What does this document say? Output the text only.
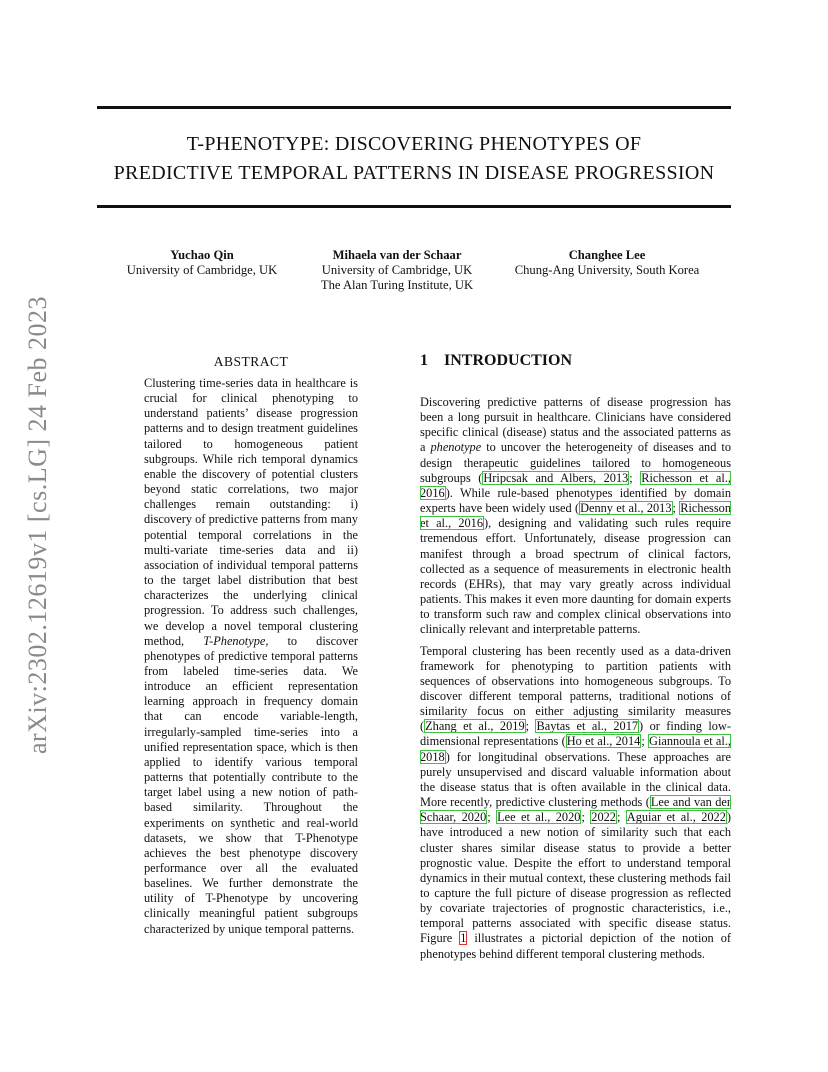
arXiv:2302.12619v1 [cs.LG] 24 Feb 2023
T-PHENOTYPE: DISCOVERING PHENOTYPES OF
PREDICTIVE TEMPORAL PATTERNS IN DISEASE PROGRESSION
Yuchao Qin
University of Cambridge, UK
Mihaela van der Schaar
University of Cambridge, UK
The Alan Turing Institute, UK
Changhee Lee
Chung-Ang University, South Korea
ABSTRACT
Clustering time-series data in healthcare is crucial for clinical phenotyping to understand patients’ disease progression patterns and to design treatment guidelines tailored to homogeneous patient subgroups. While rich temporal dynamics enable the discovery of potential clusters beyond static correlations, two major challenges remain outstanding: i) discovery of predictive patterns from many potential temporal correlations in the multi-variate time-series data and ii) association of individual temporal patterns to the target label distribution that best characterizes the underlying clinical progression. To address such challenges, we develop a novel temporal clustering method, T-Phenotype, to discover phenotypes of predictive temporal patterns from labeled time-series data. We introduce an efficient representation learning approach in frequency domain that can encode variable-length, irregularly-sampled time-series into a unified representation space, which is then applied to identify various temporal patterns that potentially contribute to the target label using a new notion of path-based similarity. Throughout the experiments on synthetic and real-world datasets, we show that T-Phenotype achieves the best phenotype discovery performance over all the evaluated baselines. We further demonstrate the utility of T-Phenotype by uncovering clinically meaningful patient subgroups characterized by unique temporal patterns.
1 INTRODUCTION

Discovering predictive patterns of disease progression has been a long pursuit in healthcare. Clinicians have considered specific clinical (disease) status and the associated patterns as a phenotype to uncover the heterogeneity of diseases and to design therapeutic guidelines tailored to homogeneous subgroups (Hripcsak and Albers, 2013; Richesson et al., 2016). While rule-based phenotypes identified by domain experts have been widely used (Denny et al., 2013; Richesson et al., 2016), designing and validating such rules require tremendous effort. Unfortunately, disease progression can manifest through a broad spectrum of clinical factors, collected as a sequence of measurements in electronic health records (EHRs), that may vary greatly across individual patients. This makes it even more daunting for domain experts to transform such raw and complex clinical observations into clinically relevant and interpretable patterns.

Temporal clustering has been recently used as a data-driven framework for phenotyping to partition patients with sequences of observations into homogeneous subgroups. To discover different temporal patterns, traditional notions of similarity focus on either adjusting similarity measures (Zhang et al., 2019; Baytas et al., 2017) or finding low-dimensional representations (Ho et al., 2014; Giannoula et al., 2018) for longitudinal observations. These approaches are purely unsupervised and discard valuable information about the disease status that is often available in the clinical data. More recently, predictive clustering methods (Lee and van der Schaar, 2020; Lee et al., 2020; 2022; Aguiar et al., 2022) have introduced a new notion of similarity such that each cluster shares similar disease status to provide a better prognostic value. Despite the effort to understand temporal dynamics in their mutual context, these clustering methods fail to capture the full picture of disease progression as reflected by covariate trajectories of prognostic characteristics, i.e., temporal patterns associated with specific disease status. Figure 1 illustrates a pictorial depiction of the notion of phenotypes behind different temporal clustering methods.
